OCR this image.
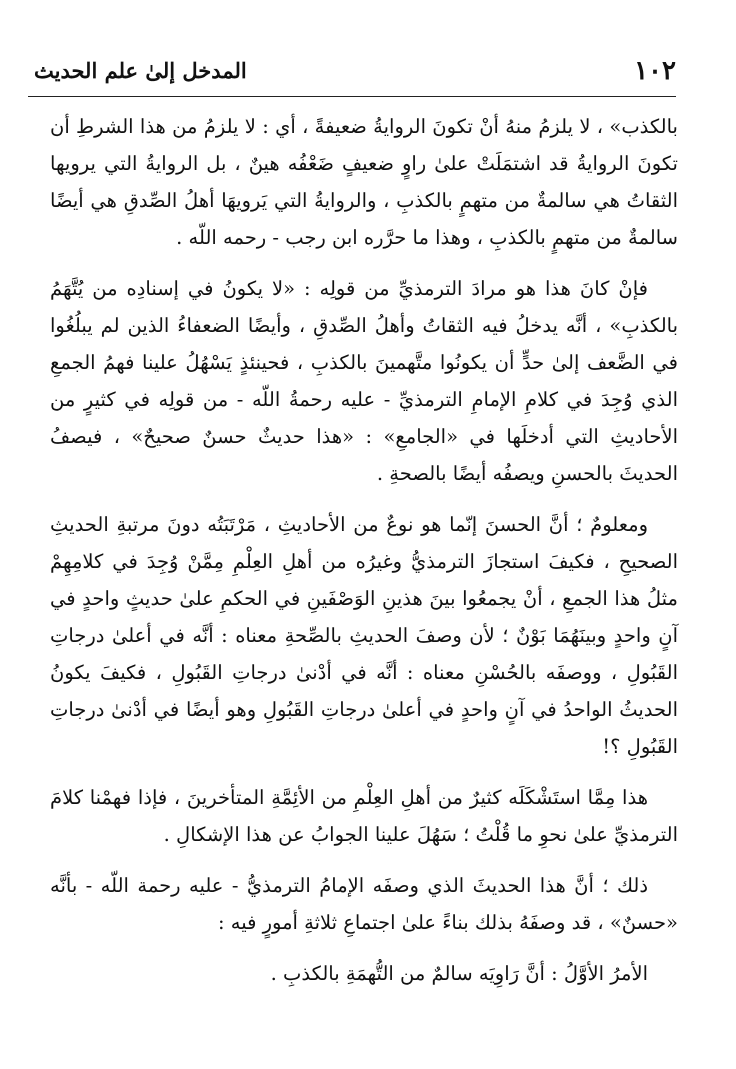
١٠٢
المدخل إلىٰ علم الحديث

بالكذب» ، لا يلزمُ منهُ أنْ تكونَ الروايةُ ضعيفةً ، أي : لا يلزمُ من هذا الشرطِ أن تكونَ الروايةُ قد اشتمَلَتْ علىٰ راوٍ ضعيفٍ ضَعْفُه هينٌ ، بل الروايةُ التي يرويها الثقاتُ هي سالمةٌ من متهمٍ بالكذبِ ، والروايةُ التي يَرويهَا أهلُ الصِّدقِ هي أيضًا سالمةٌ من متهمٍ بالكذبِ ، وهذا ما حرَّره ابن رجب - رحمه اللّه .

فإنْ كانَ هذا هو مرادَ الترمذيِّ من قولِه : «لا يكونُ في إسنادِه من يُتَّهَمُ بالكذبِ» ، أنَّه يدخلُ فيه الثقاتُ وأهلُ الصِّدقِ ، وأيضًا الضعفاءُ الذين لم يبلُغُوا في الضَّعف إلىٰ حدٍّ أن يكونُوا متَّهمينَ بالكذبِ ، فحينئذٍ يَسْهُلُ علينا فهمُ الجمعِ الذي وُجِدَ في كلامِ الإمامِ الترمذيِّ - عليه رحمةُ اللّه - من قولِه في كثيرٍ من الأحاديثِ التي أدخلَها في «الجامعِ» : «هذا حديثٌ حسنٌ صحيحٌ» ، فيصفُ الحديثَ بالحسنِ ويصفُه أيضًا بالصحةِ .

ومعلومٌ ؛ أنَّ الحسنَ إنّما هو نوعٌ من الأحاديثِ ، مَرْتَبَتُه دونَ مرتبةِ الحديثِ الصحيحِ ، فكيفَ استجازَ الترمذيُّ وغيرُه من أهلِ العِلْمِ مِمَّنْ وُجِدَ في كلامِهِمْ مثلُ هذا الجمعِ ، أنْ يجمعُوا بينَ هذينِ الوَصْفَينِ في الحكمِ علىٰ حديثٍ واحدٍ في آنٍ واحدٍ وبينَهُمَا بَوْنٌ ؛ لأن وصفَ الحديثِ بالصِّحةِ معناه : أنَّه في أعلىٰ درجاتِ القَبُولِ ، ووصفَه بالحُسْنِ معناه : أنَّه في أدْنىٰ درجاتِ القَبُولِ ، فكيفَ يكونُ الحديثُ الواحدُ في آنٍ واحدٍ في أعلىٰ درجاتِ القَبُولِ وهو أيضًا في أدْنىٰ درجاتِ القَبُولِ ؟!

هذا مِمَّا استَشْكَلَه كثيرٌ من أهلِ العِلْمِ من الأئِمَّةِ المتأخرينَ ، فإذا فهمْنا كلامَ الترمذيِّ علىٰ نحوِ ما قُلْتُ ؛ سَهُلَ علينا الجوابُ عن هذا الإشكالِ .

ذلك ؛ أنَّ هذا الحديثَ الذي وصفَه الإمامُ الترمذيُّ - عليه رحمة اللّه - بأنَّه «حسنٌ» ، قد وصفَهُ بذلك بناءً علىٰ اجتماعِ ثلاثةِ أمورٍ فيه :

الأمرُ الأوَّلُ : أنَّ رَاوِيَه سالمٌ من التُّهمَةِ بالكذبِ .
